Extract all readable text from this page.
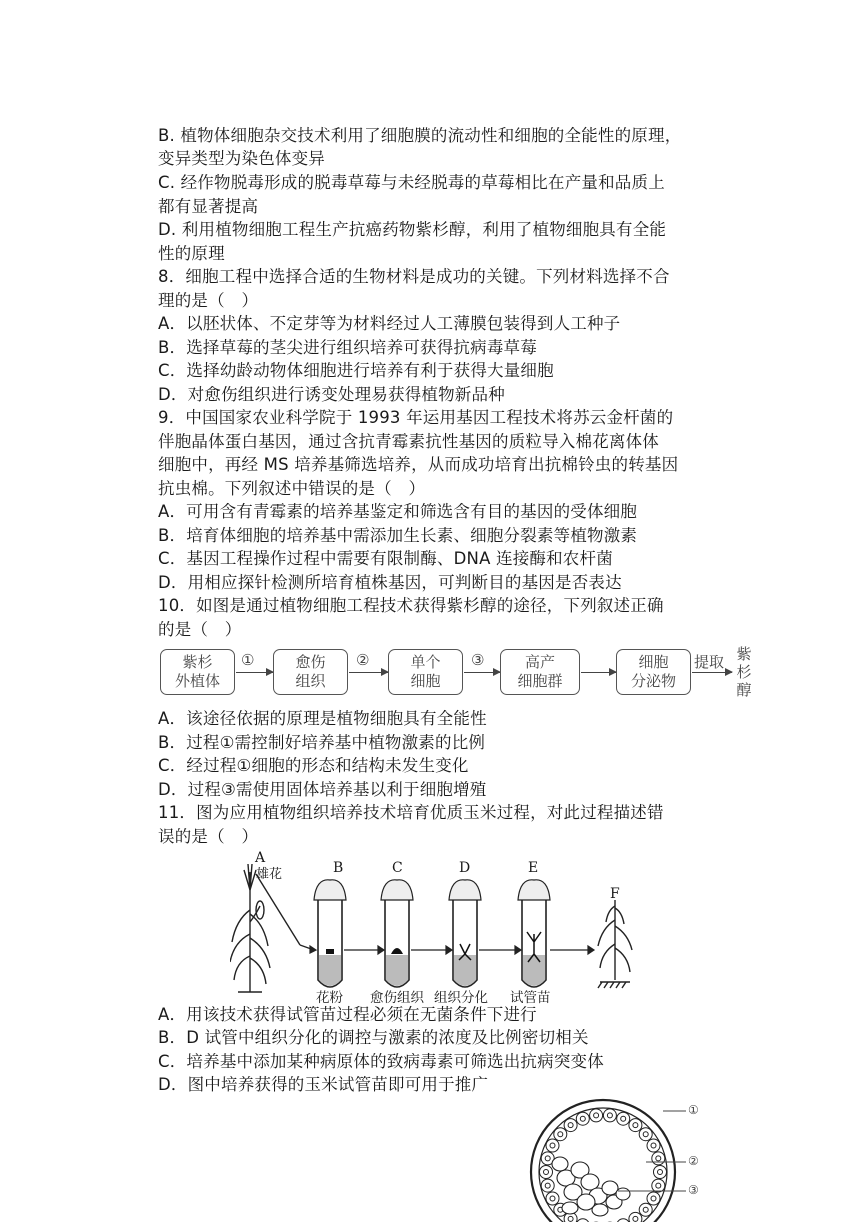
B. 植物体细胞杂交技术利用了细胞膜的流动性和细胞的全能性的原理，
变异类型为染色体变异
C. 经作物脱毒形成的脱毒草莓与未经脱毒的草莓相比在产量和品质上
都有显著提高
D. 利用植物细胞工程生产抗癌药物紫杉醇，利用了植物细胞具有全能
性的原理
8．细胞工程中选择合适的生物材料是成功的关键。下列材料选择不合
理的是（　）
A．以胚状体、不定芽等为材料经过人工薄膜包装得到人工种子
B．选择草莓的茎尖进行组织培养可获得抗病毒草莓
C．选择幼龄动物体细胞进行培养有利于获得大量细胞
D．对愈伤组织进行诱变处理易获得植物新品种
9．中国国家农业科学院于 1993 年运用基因工程技术将苏云金杆菌的
伴胞晶体蛋白基因，通过含抗青霉素抗性基因的质粒导入棉花离体体
细胞中，再经 MS 培养基筛选培养，从而成功培育出抗棉铃虫的转基因
抗虫棉。下列叙述中错误的是（　）
A．可用含有青霉素的培养基鉴定和筛选含有目的基因的受体细胞
B．培育体细胞的培养基中需添加生长素、细胞分裂素等植物激素
C．基因工程操作过程中需要有限制酶、DNA 连接酶和农杆菌
D．用相应探针检测所培育植株基因，可判断目的基因是否表达
10．如图是通过植物细胞工程技术获得紫杉醇的途径，下列叙述正确
的是（　）
紫杉
外植体
①	愈伤
组织
②	单个
细胞
③	高产
细胞群
细胞
分泌物
提取 紫
杉
醇
A．该途径依据的原理是植物细胞具有全能性
B．过程①需控制好培养基中植物激素的比例
C．经过程①细胞的形态和结构未发生变化
D．过程③需使用固体培养基以利于细胞增殖
11．图为应用植物组织培养技术培育优质玉米过程，对此过程描述错
误的是（　）
A
雄花	B	C	D	E
F
花粉 愈伤组织 组织分化 试管苗
A．用该技术获得试管苗过程必须在无菌条件下进行
B．D 试管中组织分化的调控与激素的浓度及比例密切相关
C．培养基中添加某种病原体的致病毒素可筛选出抗病突变体
D．图中培养获得的玉米试管苗即可用于推广
①
②
③
